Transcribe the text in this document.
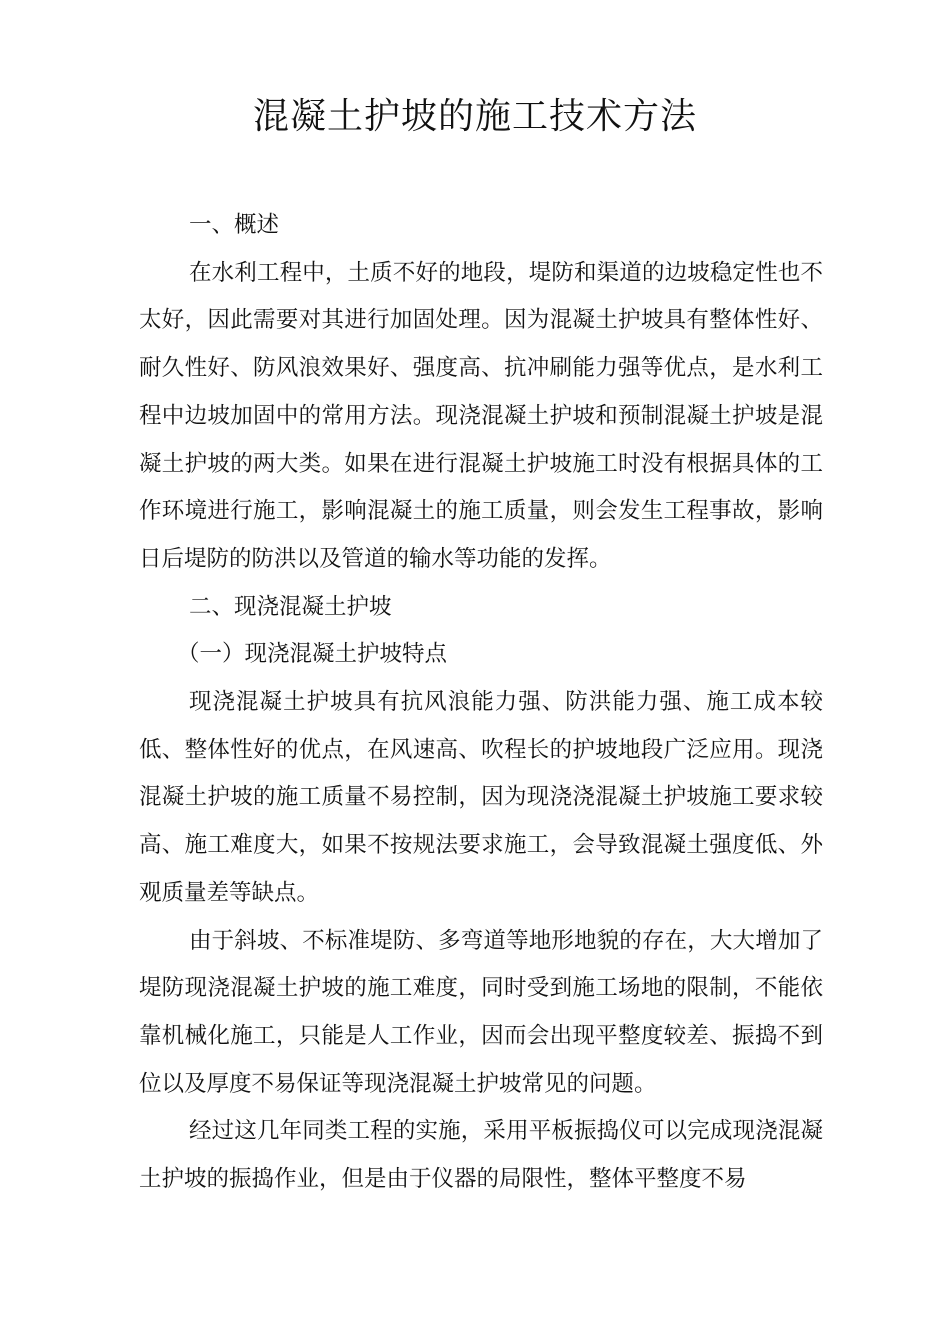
混凝土护坡的施工技术方法

一、概述

在水利工程中，土质不好的地段，堤防和渠道的边坡稳定性也不太好，因此需要对其进行加固处理。因为混凝土护坡具有整体性好、耐久性好、防风浪效果好、强度高、抗冲刷能力强等优点，是水利工程中边坡加固中的常用方法。现浇混凝土护坡和预制混凝土护坡是混凝土护坡的两大类。如果在进行混凝土护坡施工时没有根据具体的工作环境进行施工，影响混凝土的施工质量，则会发生工程事故，影响日后堤防的防洪以及管道的输水等功能的发挥。

二、现浇混凝土护坡

（一）现浇混凝土护坡特点

现浇混凝土护坡具有抗风浪能力强、防洪能力强、施工成本较低、整体性好的优点，在风速高、吹程长的护坡地段广泛应用。现浇混凝土护坡的施工质量不易控制，因为现浇浇混凝土护坡施工要求较高、施工难度大，如果不按规法要求施工，会导致混凝土强度低、外观质量差等缺点。

由于斜坡、不标准堤防、多弯道等地形地貌的存在，大大增加了堤防现浇混凝土护坡的施工难度，同时受到施工场地的限制，不能依靠机械化施工，只能是人工作业，因而会出现平整度较差、振捣不到位以及厚度不易保证等现浇混凝土护坡常见的问题。

经过这几年同类工程的实施，采用平板振捣仪可以完成现浇混凝土护坡的振捣作业，但是由于仪器的局限性，整体平整度不易
